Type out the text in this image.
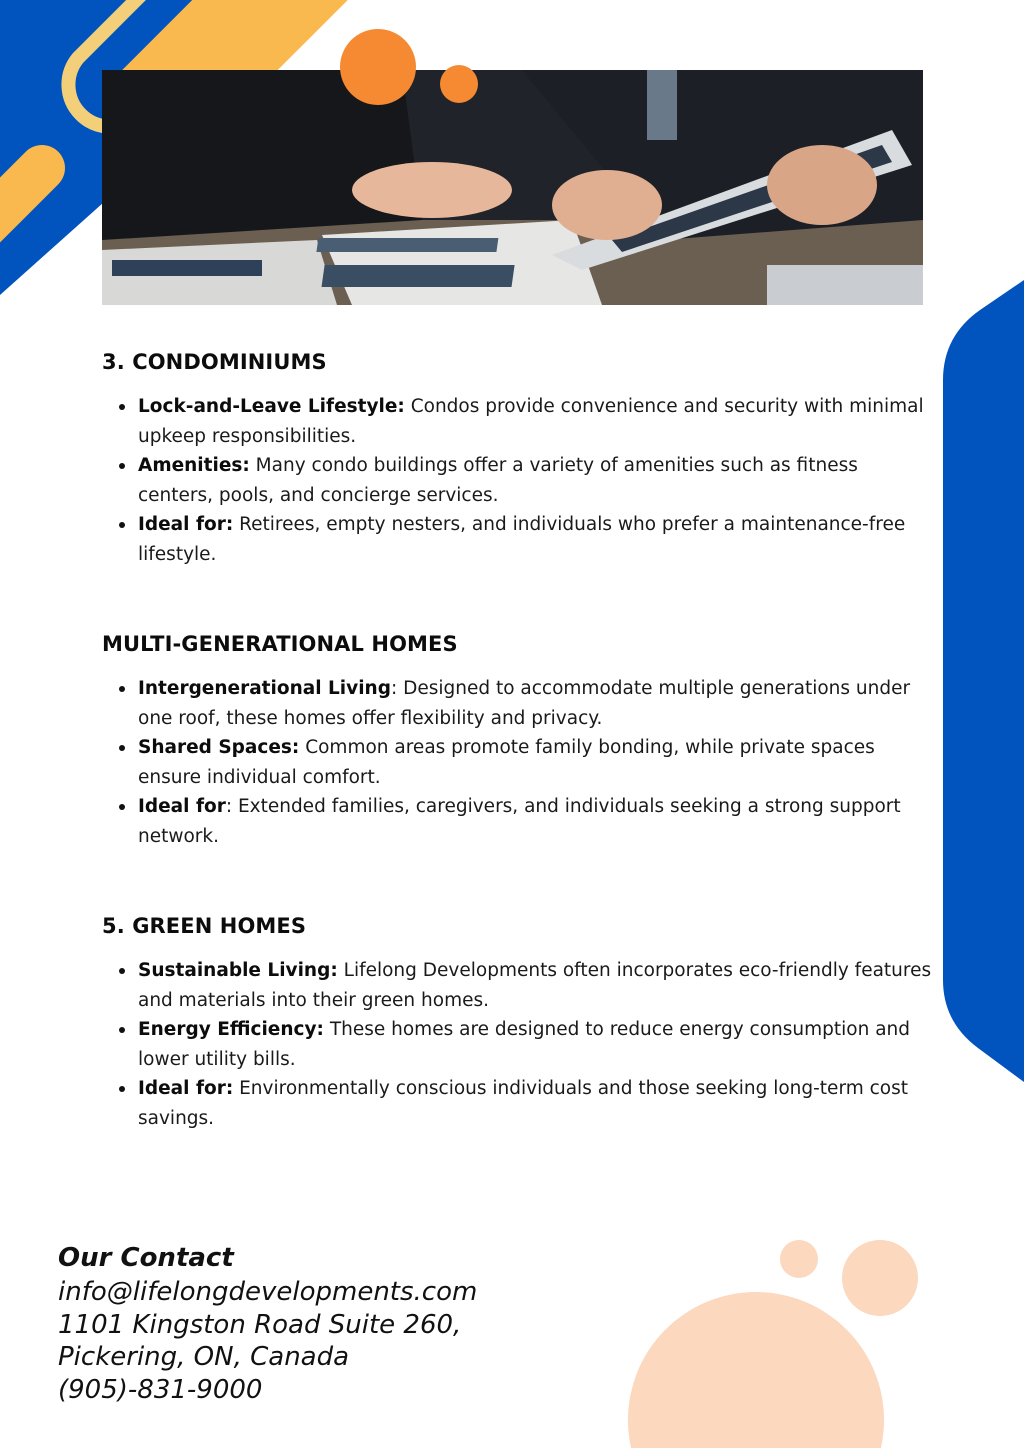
3. CONDOMINIUMS
Lock-and-Leave Lifestyle: Condos provide convenience and security with minimal upkeep responsibilities.
Amenities: Many condo buildings offer a variety of amenities such as fitness centers, pools, and concierge services.
Ideal for: Retirees, empty nesters, and individuals who prefer a maintenance-free lifestyle.
MULTI-GENERATIONAL HOMES
Intergenerational Living: Designed to accommodate multiple generations under one roof, these homes offer flexibility and privacy.
Shared Spaces: Common areas promote family bonding, while private spaces ensure individual comfort.
Ideal for: Extended families, caregivers, and individuals seeking a strong support network.
5. GREEN HOMES
Sustainable Living: Lifelong Developments often incorporates eco-friendly features and materials into their green homes.
Energy Efficiency: These homes are designed to reduce energy consumption and lower utility bills.
Ideal for: Environmentally conscious individuals and those seeking long-term cost savings.
Our Contact
info@lifelongdevelopments.com
1101 Kingston Road Suite 260,
Pickering, ON, Canada
(905)-831-9000
